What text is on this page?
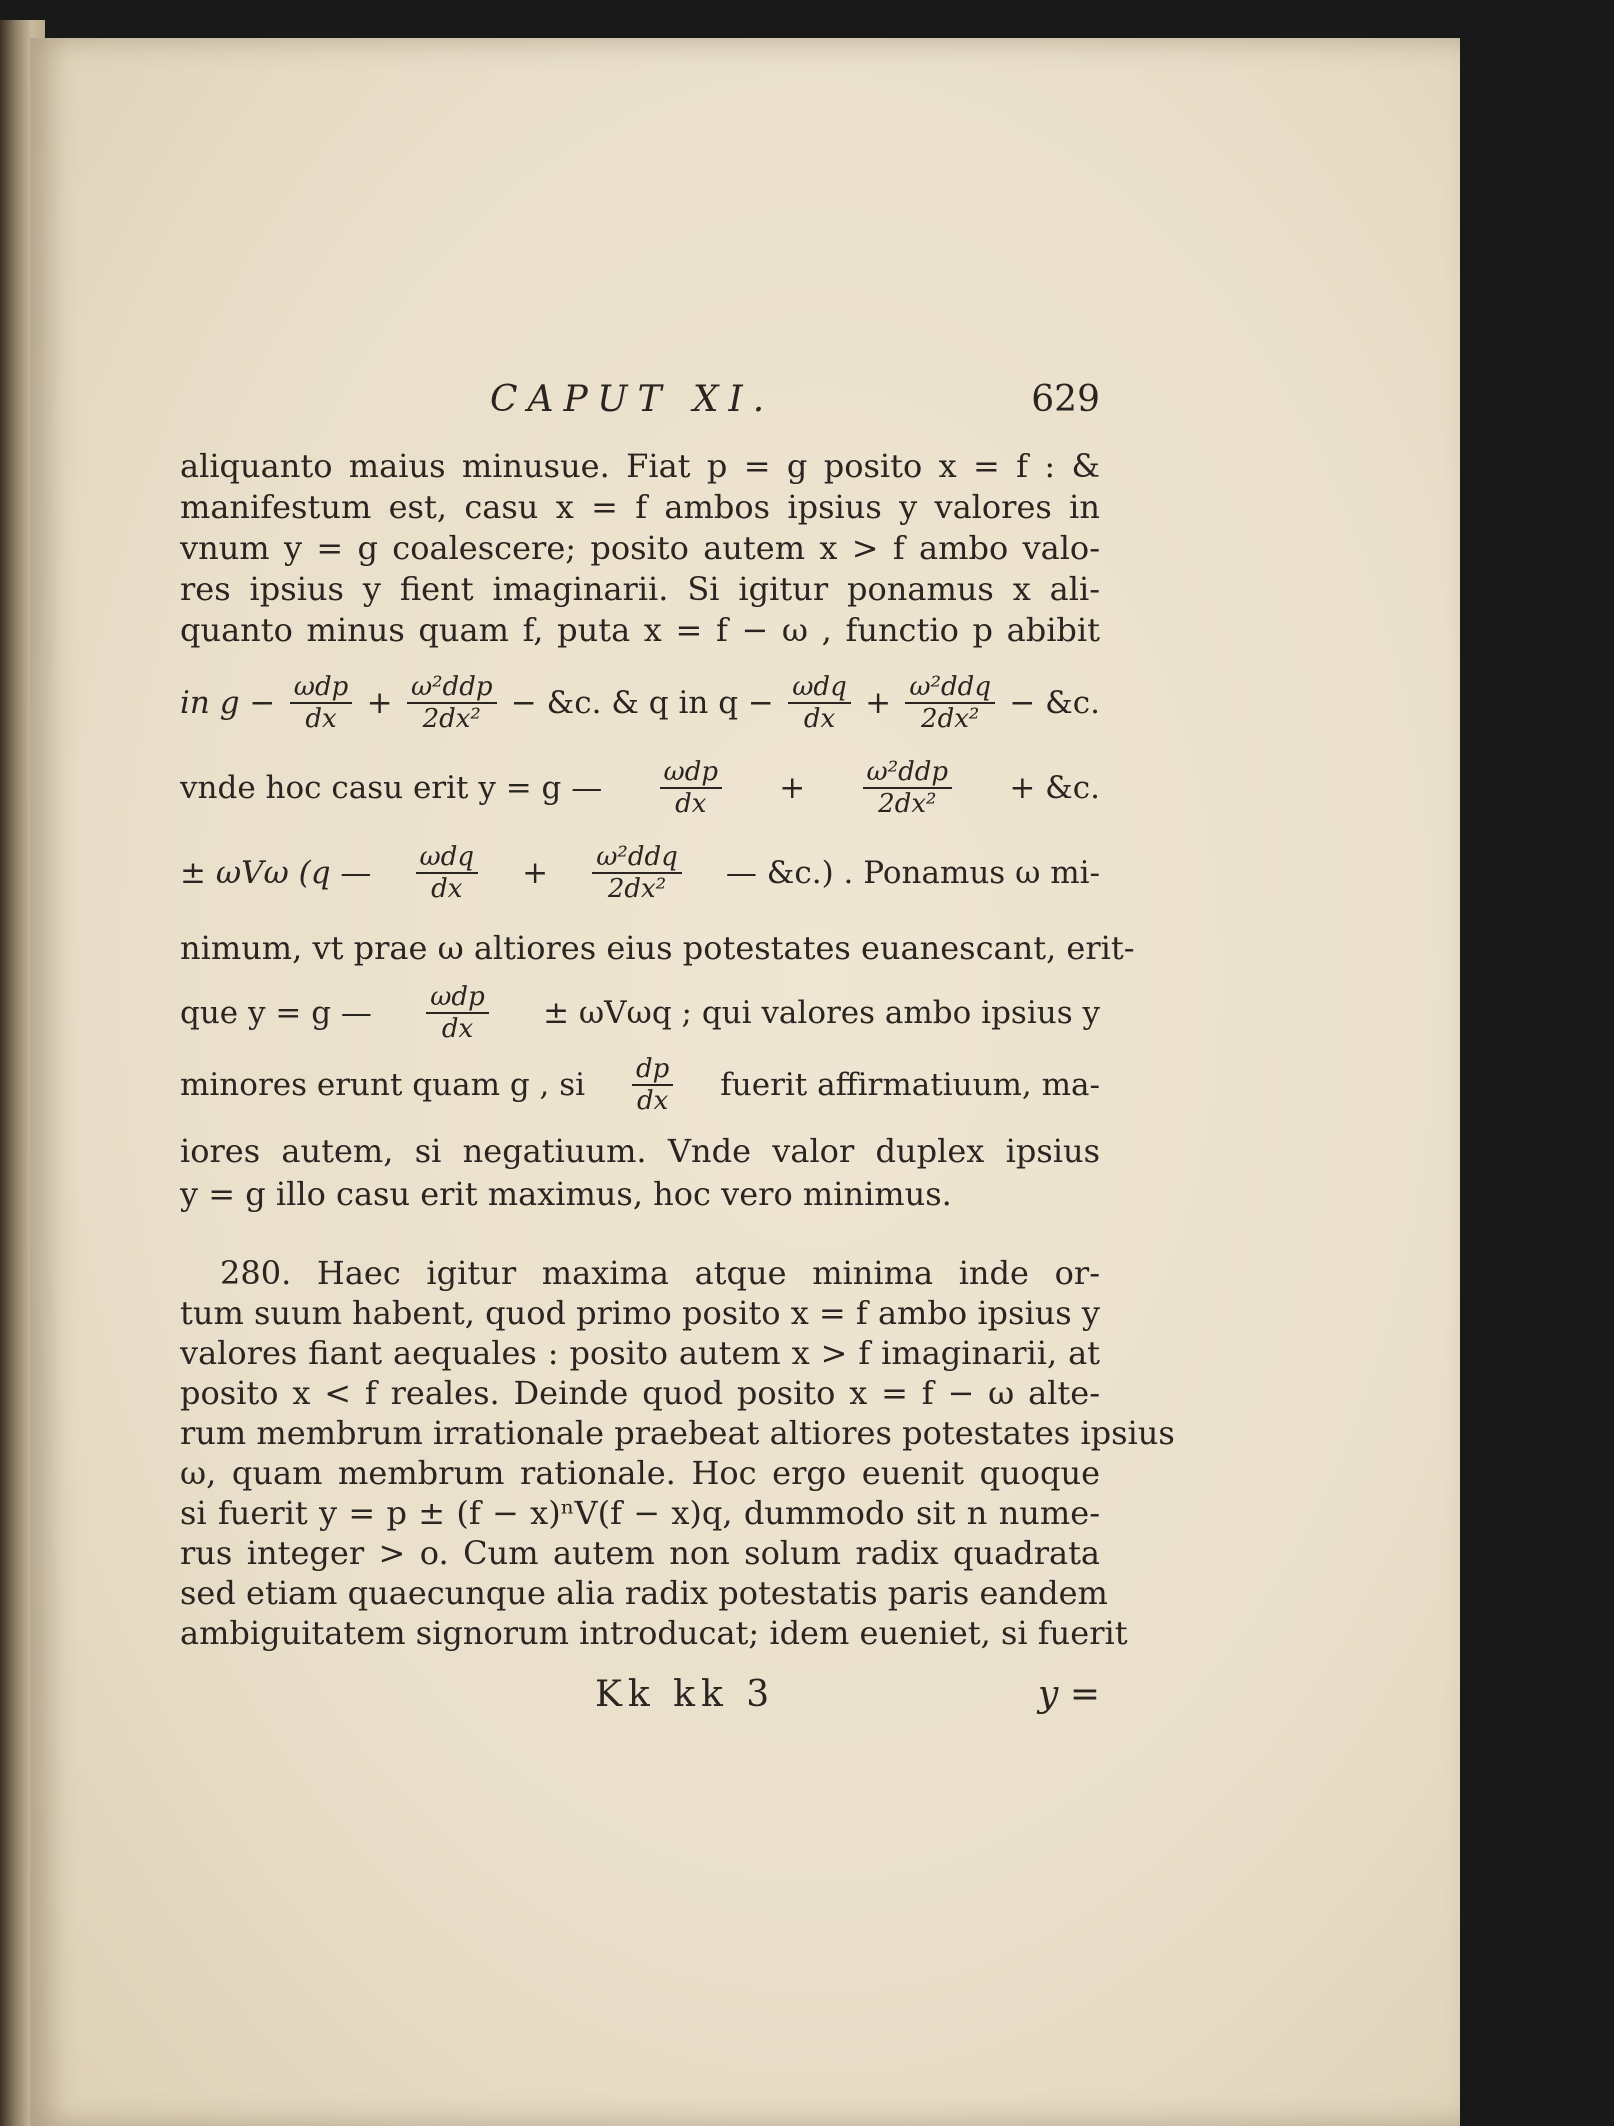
CAPUT XI.	629
aliquanto maius minusue. Fiat p = g posito x = f : &
manifestum est, casu x = f ambos ipsius y valores in
vnum y = g coalescere; posito autem x > f ambo valo-
res ipsius y fient imaginarii. Si igitur ponamus x ali-
quanto minus quam f, puta x = f − ω , functio p abibit
in $g - \frac{\text{ωdp}}{dx} + \frac{\text{ω²ddp}}{\text{2dx²}}$ − &c. & q in $q - \frac{\text{ωdq}}{dx} + \frac{\text{ω²ddq}}{\text{2dx²}}$ − &c.
vnde hoc casu erit y = g — $\frac{\text{ωdp}}{dx} + \frac{\text{ω²ddp}}{\text{2dx²}}$ + &c.
± ωVω (q — $\frac{\text{ωdq}}{dx} + \frac{\text{ω²ddq}}{\text{2dx²}}$ — &c.) . Ponamus ω mi-
nimum, vt prae ω altiores eius potestates euanescant, erit-
que y = g — $\frac{\text{ωdp}}{dx} \pm \omega V\omega q$ ; qui valores ambo ipsius y
minores erunt quam g , si $\frac{dp}{dx}$ fuerit affirmatiuum, ma-
iores autem, si negatiuum. Vnde valor duplex ipsius
y = g illo casu erit maximus, hoc vero minimus.
280. Haec igitur maxima atque minima inde or-
tum suum habent, quod primo posito x = f ambo ipsius y
valores fiant aequales : posito autem x > f imaginarii, at
posito x < f reales. Deinde quod posito x = f − ω alte-
rum membrum irrationale praebeat altiores potestates ipsius
ω, quam membrum rationale. Hoc ergo euenit quoque
si fuerit y = p ± (f − x)ⁿV(f − x)q, dummodo sit n nume-
rus integer > o. Cum autem non solum radix quadrata
sed etiam quaecunque alia radix potestatis paris eandem
ambiguitatem signorum introducat; idem eueniet, si fuerit
Kk kk 3	y =
